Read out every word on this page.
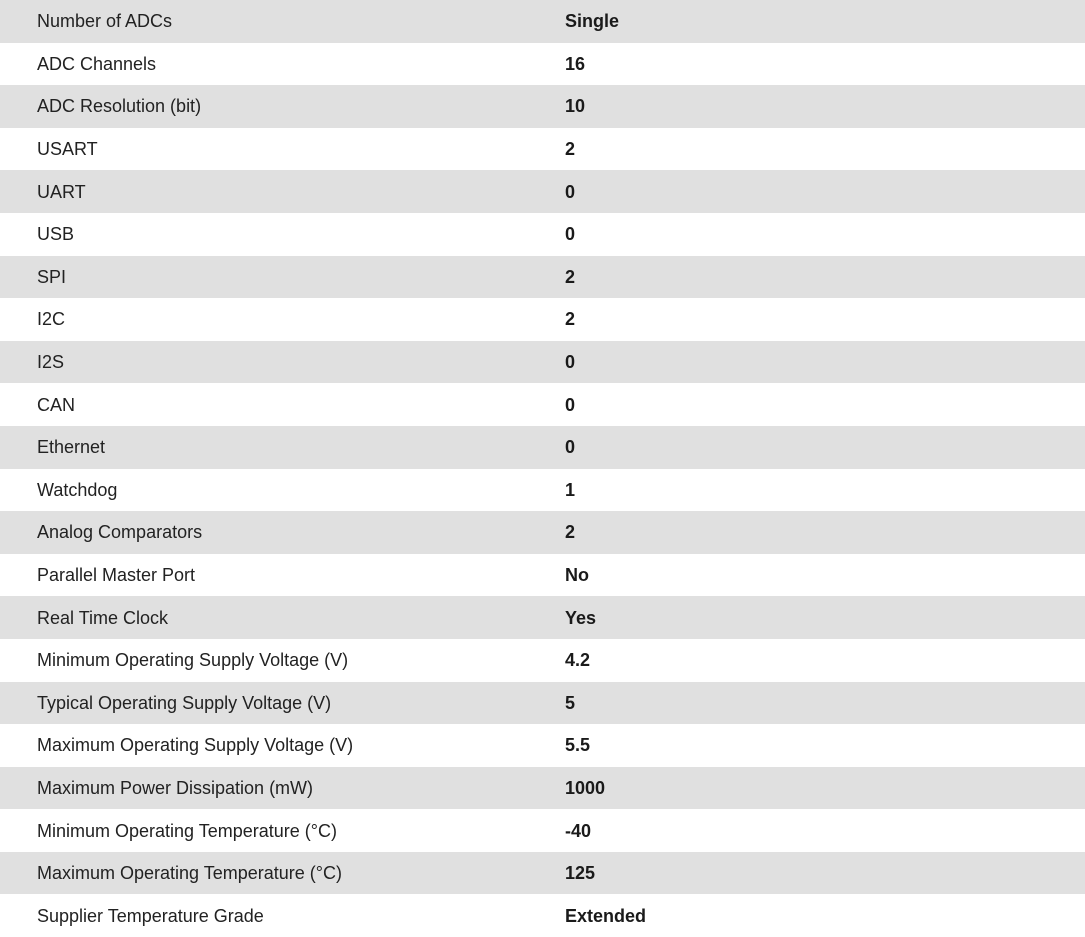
Number of ADCs	Single
ADC Channels	16
ADC Resolution (bit)	10
USART	2
UART	0
USB	0
SPI	2
I2C	2
I2S	0
CAN	0
Ethernet	0
Watchdog	1
Analog Comparators	2
Parallel Master Port	No
Real Time Clock	Yes
Minimum Operating Supply Voltage (V)	4.2
Typical Operating Supply Voltage (V)	5
Maximum Operating Supply Voltage (V)	5.5
Maximum Power Dissipation (mW)	1000
Minimum Operating Temperature (°C)	-40
Maximum Operating Temperature (°C)	125
Supplier Temperature Grade	Extended
